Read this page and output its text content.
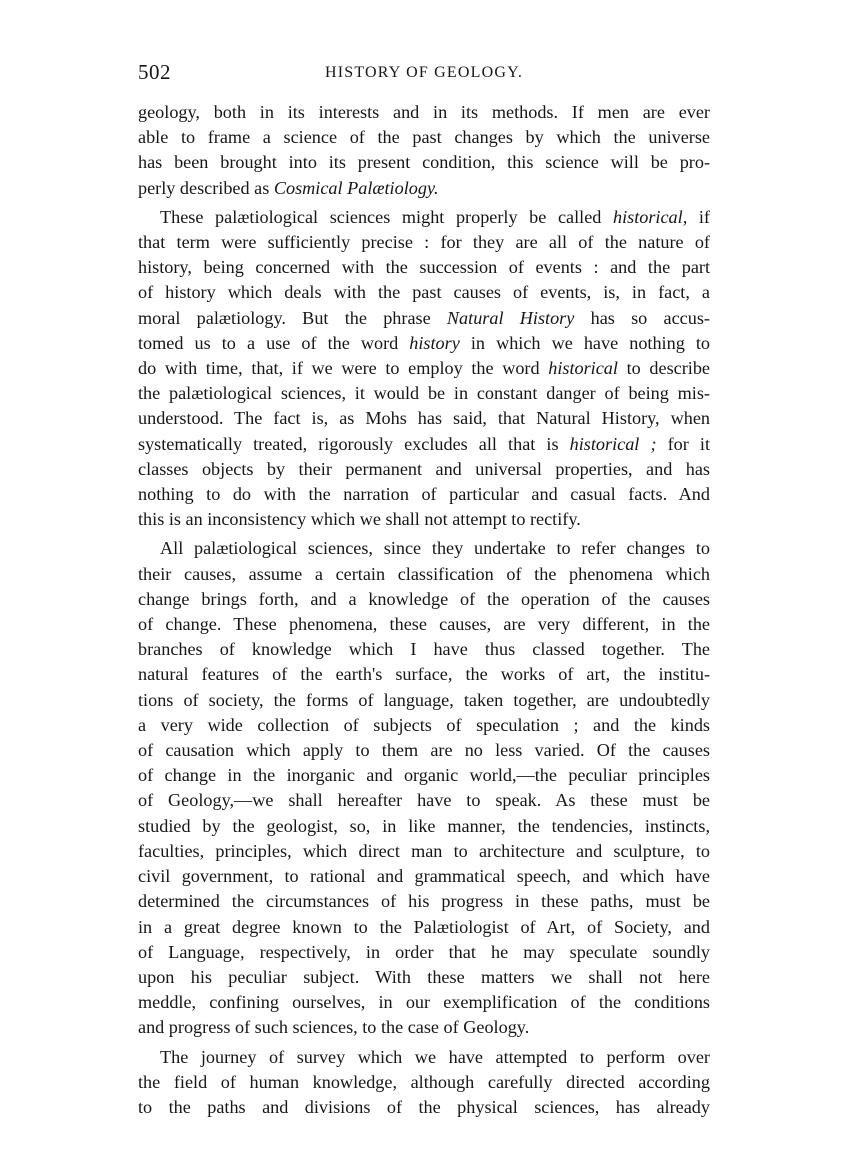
502	HISTORY OF GEOLOGY.
geology, both in its interests and in its methods. If men are ever
able to frame a science of the past changes by which the universe
has been brought into its present condition, this science will be pro-
perly described as Cosmical Palætiology.
These palætiological sciences might properly be called historical, if
that term were sufficiently precise : for they are all of the nature of
history, being concerned with the succession of events : and the part
of history which deals with the past causes of events, is, in fact, a
moral palætiology. But the phrase Natural History has so accus-
tomed us to a use of the word history in which we have nothing to
do with time, that, if we were to employ the word historical to describe
the palætiological sciences, it would be in constant danger of being mis-
understood. The fact is, as Mohs has said, that Natural History, when
systematically treated, rigorously excludes all that is historical ; for it
classes objects by their permanent and universal properties, and has
nothing to do with the narration of particular and casual facts. And
this is an inconsistency which we shall not attempt to rectify.
All palætiological sciences, since they undertake to refer changes to
their causes, assume a certain classification of the phenomena which
change brings forth, and a knowledge of the operation of the causes
of change. These phenomena, these causes, are very different, in the
branches of knowledge which I have thus classed together. The
natural features of the earth's surface, the works of art, the institu-
tions of society, the forms of language, taken together, are undoubtedly
a very wide collection of subjects of speculation ; and the kinds
of causation which apply to them are no less varied. Of the causes
of change in the inorganic and organic world,—the peculiar principles
of Geology,—we shall hereafter have to speak. As these must be
studied by the geologist, so, in like manner, the tendencies, instincts,
faculties, principles, which direct man to architecture and sculpture, to
civil government, to rational and grammatical speech, and which have
determined the circumstances of his progress in these paths, must be
in a great degree known to the Palætiologist of Art, of Society, and
of Language, respectively, in order that he may speculate soundly
upon his peculiar subject. With these matters we shall not here
meddle, confining ourselves, in our exemplification of the conditions
and progress of such sciences, to the case of Geology.
The journey of survey which we have attempted to perform over
the field of human knowledge, although carefully directed according
to the paths and divisions of the physical sciences, has already
